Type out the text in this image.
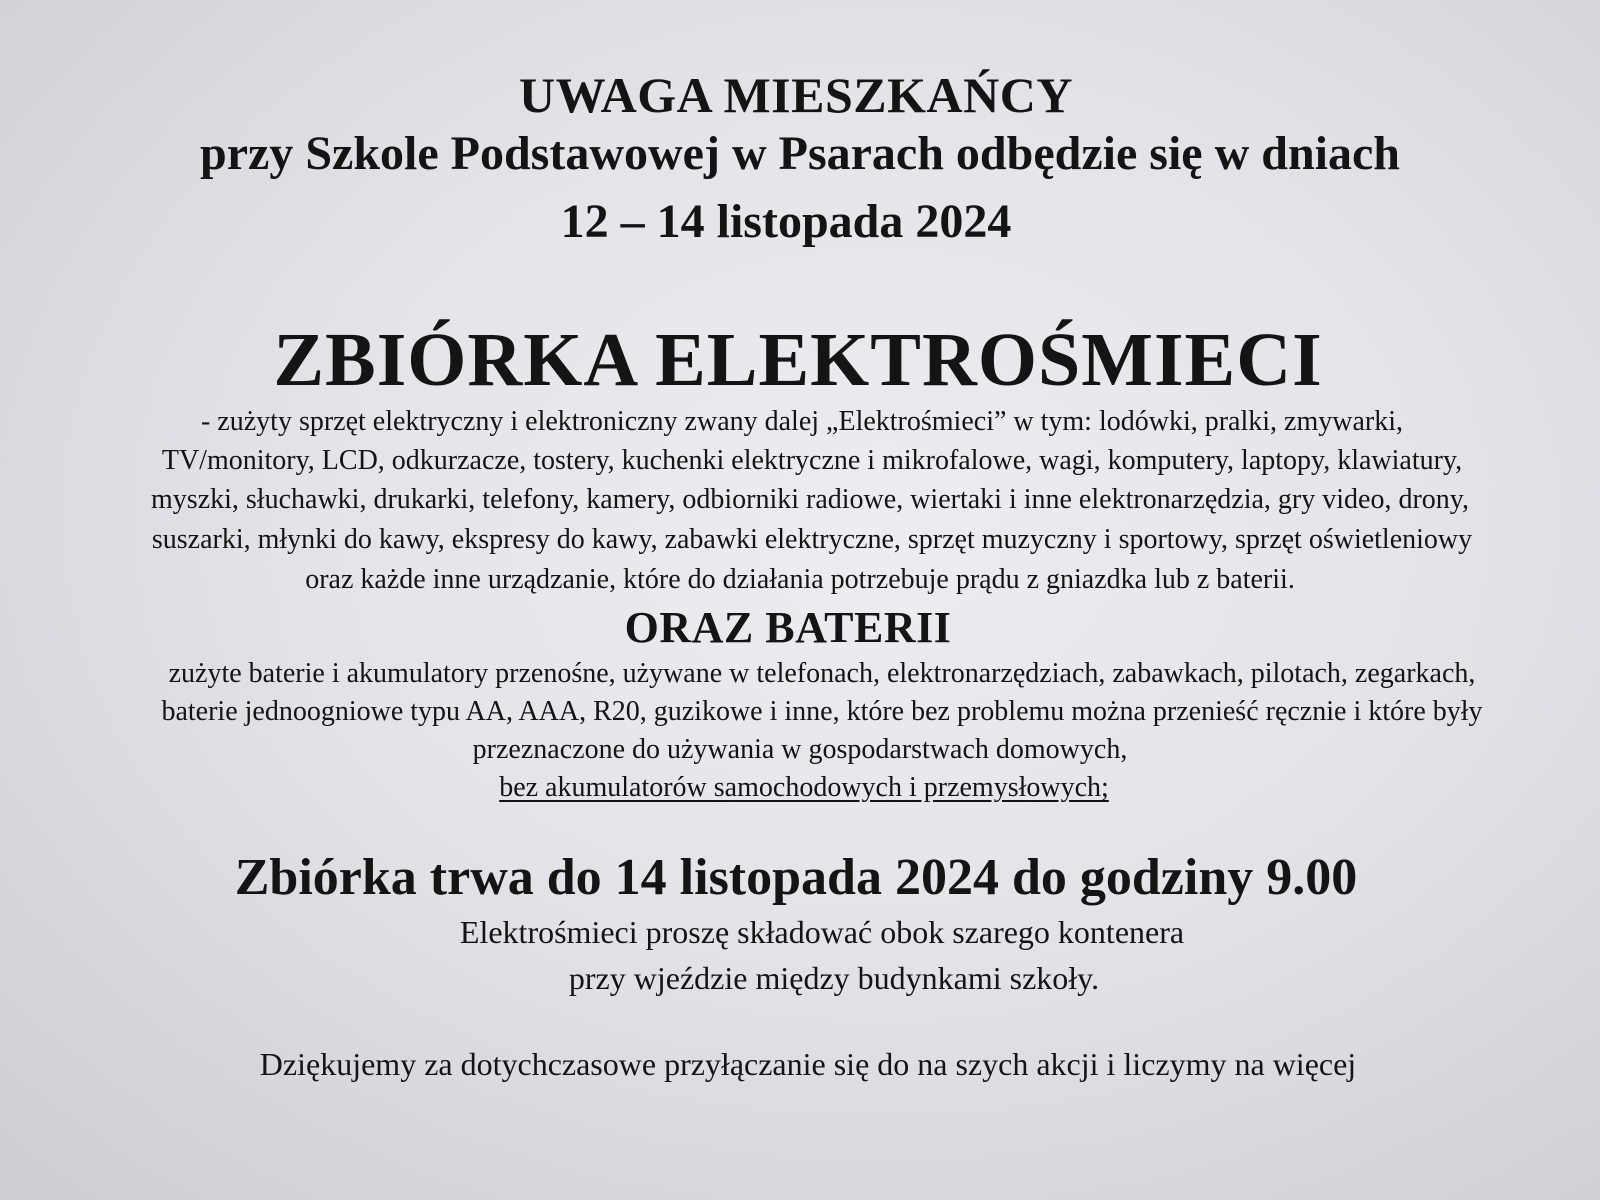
UWAGA MIESZKAŃCY
przy Szkole Podstawowej w Psarach odbędzie się w dniach
12 – 14 listopada 2024
ZBIÓRKA ELEKTROŚMIECI
- zużyty sprzęt elektryczny i elektroniczny zwany dalej „Elektrośmieci” w tym: lodówki, pralki, zmywarki,
TV/monitory, LCD, odkurzacze, tostery, kuchenki elektryczne i mikrofalowe, wagi, komputery, laptopy, klawiatury,
myszki, słuchawki, drukarki, telefony, kamery, odbiorniki radiowe, wiertaki i inne elektronarzędzia, gry video, drony,
suszarki, młynki do kawy, ekspresy do kawy, zabawki elektryczne, sprzęt muzyczny i sportowy, sprzęt oświetleniowy
oraz każde inne urządzanie, które do działania potrzebuje prądu z gniazdka lub z baterii.
ORAZ BATERII
zużyte baterie i akumulatory przenośne, używane w telefonach, elektronarzędziach, zabawkach, pilotach, zegarkach,
baterie jednoogniowe typu AA, AAA, R20, guzikowe i inne, które bez problemu można przenieść ręcznie i które były
przeznaczone do używania w gospodarstwach domowych,
bez akumulatorów samochodowych i przemysłowych;
Zbiórka trwa do 14 listopada 2024 do godziny 9.00
Elektrośmieci proszę składować obok szarego kontenera
przy wjeździe między budynkami szkoły.
Dziękujemy za dotychczasowe przyłączanie się do na szych akcji i liczymy na więcej
